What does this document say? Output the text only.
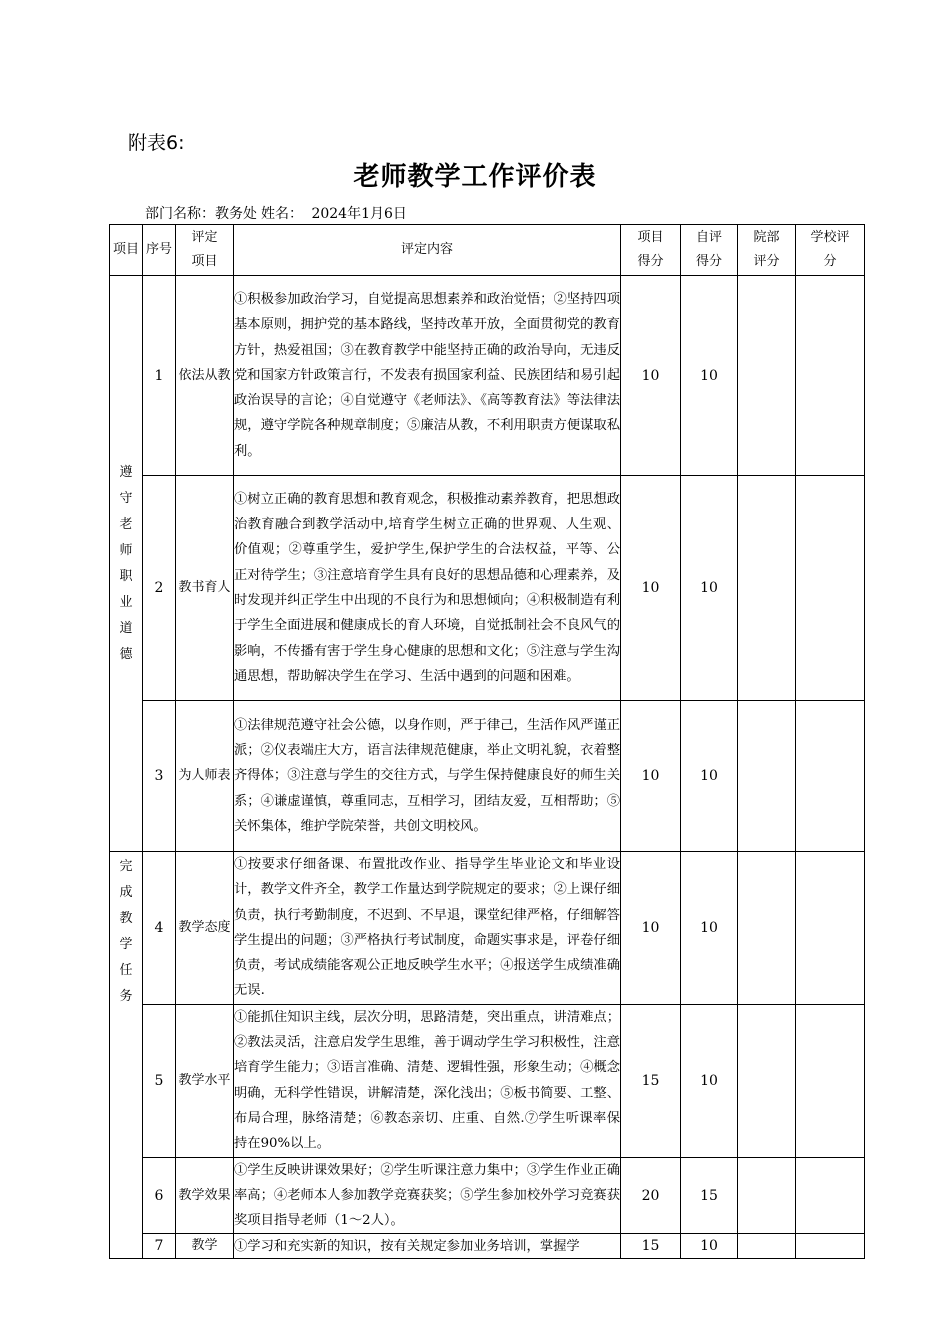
附表6:
老师教学工作评价表
部门名称：教务处 姓名： 2024年1月6日
项目	序号	评定项目	评定内容	项目得分	自评得分	院部评分	学校评分
遵守老师职业道德	1	依法从教	①积极参加政治学习，自觉提高思想素养和政治觉悟；②坚持四项基本原则，拥护党的基本路线，坚持改革开放，全面贯彻党的教育方针，热爱祖国；③在教育教学中能坚持正确的政治导向，无违反党和国家方针政策言行，不发表有损国家利益、民族团结和易引起政治误导的言论；④自觉遵守《老师法》、《高等教育法》等法律法规，遵守学院各种规章制度；⑤廉洁从教，不利用职责方便谋取私利。	10	10		
	2	教书育人	①树立正确的教育思想和教育观念，积极推动素养教育，把思想政治教育融合到教学活动中,培育学生树立正确的世界观、人生观、价值观；②尊重学生，爱护学生,保护学生的合法权益，平等、公正对待学生；③注意培育学生具有良好的思想品德和心理素养，及时发现并纠正学生中出现的不良行为和思想倾向；④积极制造有利于学生全面进展和健康成长的育人环境，自觉抵制社会不良风气的影响，不传播有害于学生身心健康的思想和文化；⑤注意与学生沟通思想，帮助解决学生在学习、生活中遇到的问题和困难。	10	10		
	3	为人师表	①法律规范遵守社会公德，以身作则，严于律己，生活作风严谨正派；②仪表端庄大方，语言法律规范健康，举止文明礼貌，衣着整齐得体；③注意与学生的交往方式，与学生保持健康良好的师生关系；④谦虚谨慎，尊重同志，互相学习，团结友爱，互相帮助；⑤关怀集体，维护学院荣誉，共创文明校风。	10	10		
完成教学任务	4	教学态度	①按要求仔细备课、布置批改作业、指导学生毕业论文和毕业设计，教学文件齐全，教学工作量达到学院规定的要求；②上课仔细负责，执行考勤制度，不迟到、不早退，课堂纪律严格，仔细解答学生提出的问题；③严格执行考试制度，命题实事求是，评卷仔细负责，考试成绩能客观公正地反映学生水平；④报送学生成绩准确无误.	10	10		
	5	教学水平	①能抓住知识主线，层次分明，思路清楚，突出重点，讲清难点；②教法灵活，注意启发学生思维，善于调动学生学习积极性，注意培育学生能力；③语言准确、清楚、逻辑性强，形象生动；④概念明确，无科学性错误，讲解清楚，深化浅出；⑤板书简要、工整、布局合理，脉络清楚；⑥教态亲切、庄重、自然.⑦学生听课率保持在90%以上。	15	10		
	6	教学效果	①学生反映讲课效果好；②学生听课注意力集中；③学生作业正确率高；④老师本人参加教学竞赛获奖；⑤学生参加校外学习竞赛获奖项目指导老师（1～2人）。	20	15		
	7	教学	①学习和充实新的知识，按有关规定参加业务培训，掌握学	15	10		
